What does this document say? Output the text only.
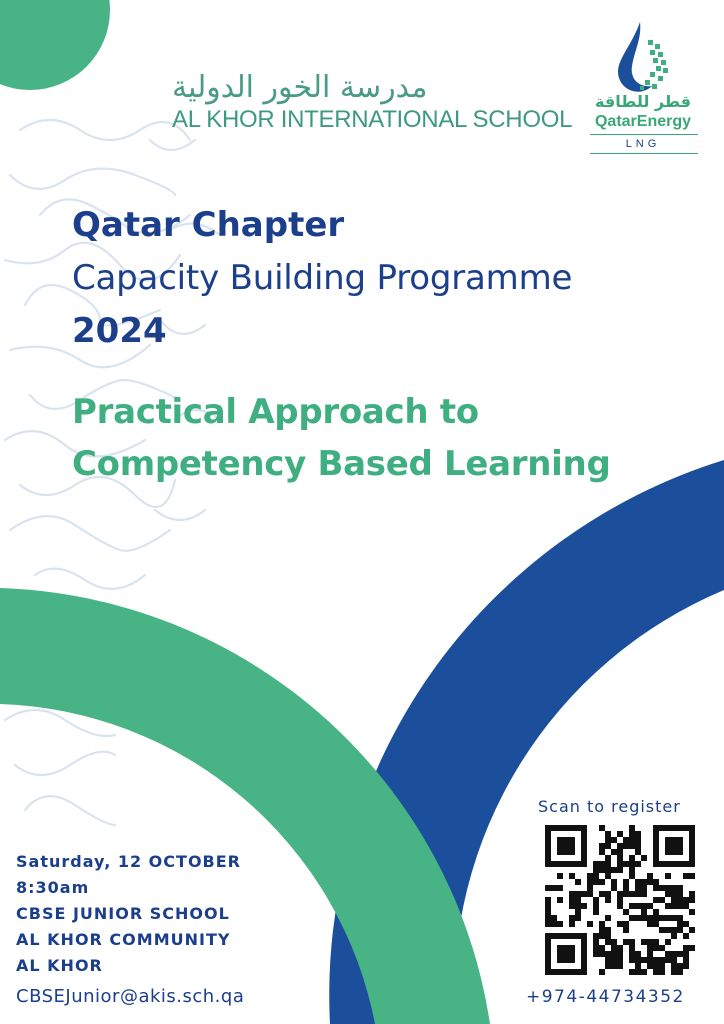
مدرسة الخور الدولية
AL KHOR INTERNATIONAL SCHOOL
قطر للطاقة
QatarEnergy
LNG
Qatar Chapter
Capacity Building Programme
2024
Practical Approach to
Competency Based Learning
Saturday, 12 OCTOBER
8:30am
CBSE JUNIOR SCHOOL
AL KHOR COMMUNITY
AL KHOR
CBSEJunior@akis.sch.qa
Scan to register
+974-44734352
